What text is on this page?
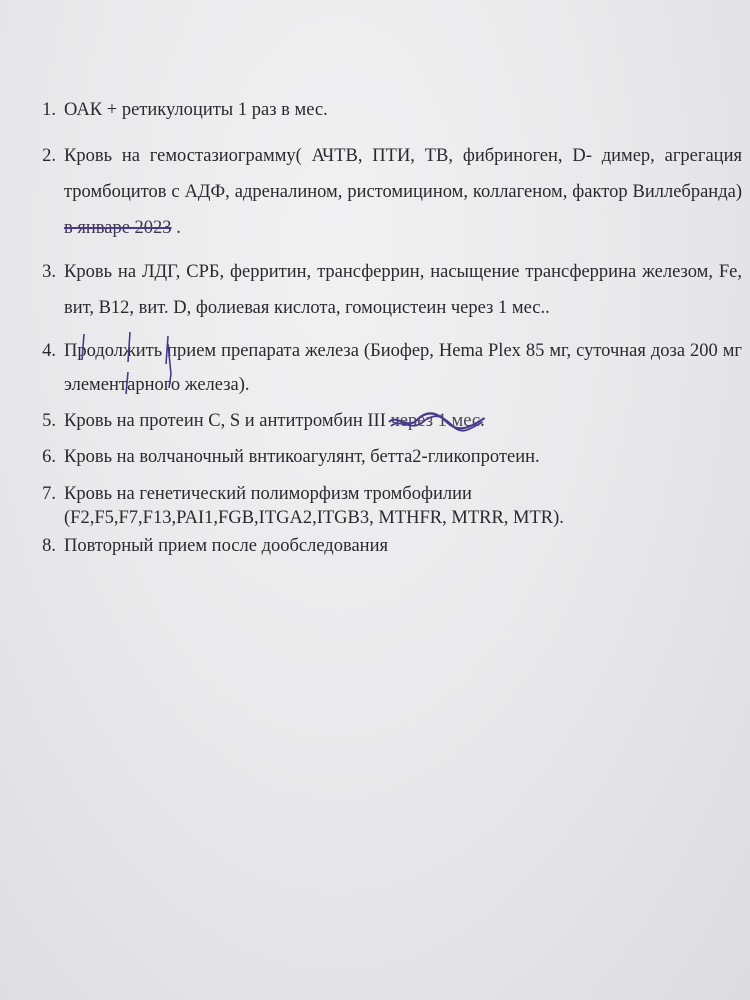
1. ОАК + ретикулоциты 1 раз в мес.
2. Кровь на гемостазиограмму( АЧТВ, ПТИ, ТВ, фибриноген, D- димер, агрегация тромбоцитов с АДФ, адреналином, ристомицином, коллагеном, фактор Виллебранда) в январе 2023 .
3. Кровь на ЛДГ, СРБ, ферритин, трансферрин, насыщение трансферрина железом, Fe, вит, В12, вит. D, фолиевая кислота, гомоцистеин через 1 мес..
4. Продолжить прием препарата железа (Биофер, Hema Plex 85 мг, суточная доза 200 мг элементарного железа).
5. Кровь на протеин С, S и антитромбин III через 1 мес
.
6. Кровь на волчаночный внтикоагулянт, бетта2-гликопротеин.
7. Кровь на генетический полиморфизм тромбофилии (F2,F5,F7,F13,PAI1,FGB,ITGA2,ITGB3, MTHFR, MTRR, MTR).
8. Повторный прием после дообследования
